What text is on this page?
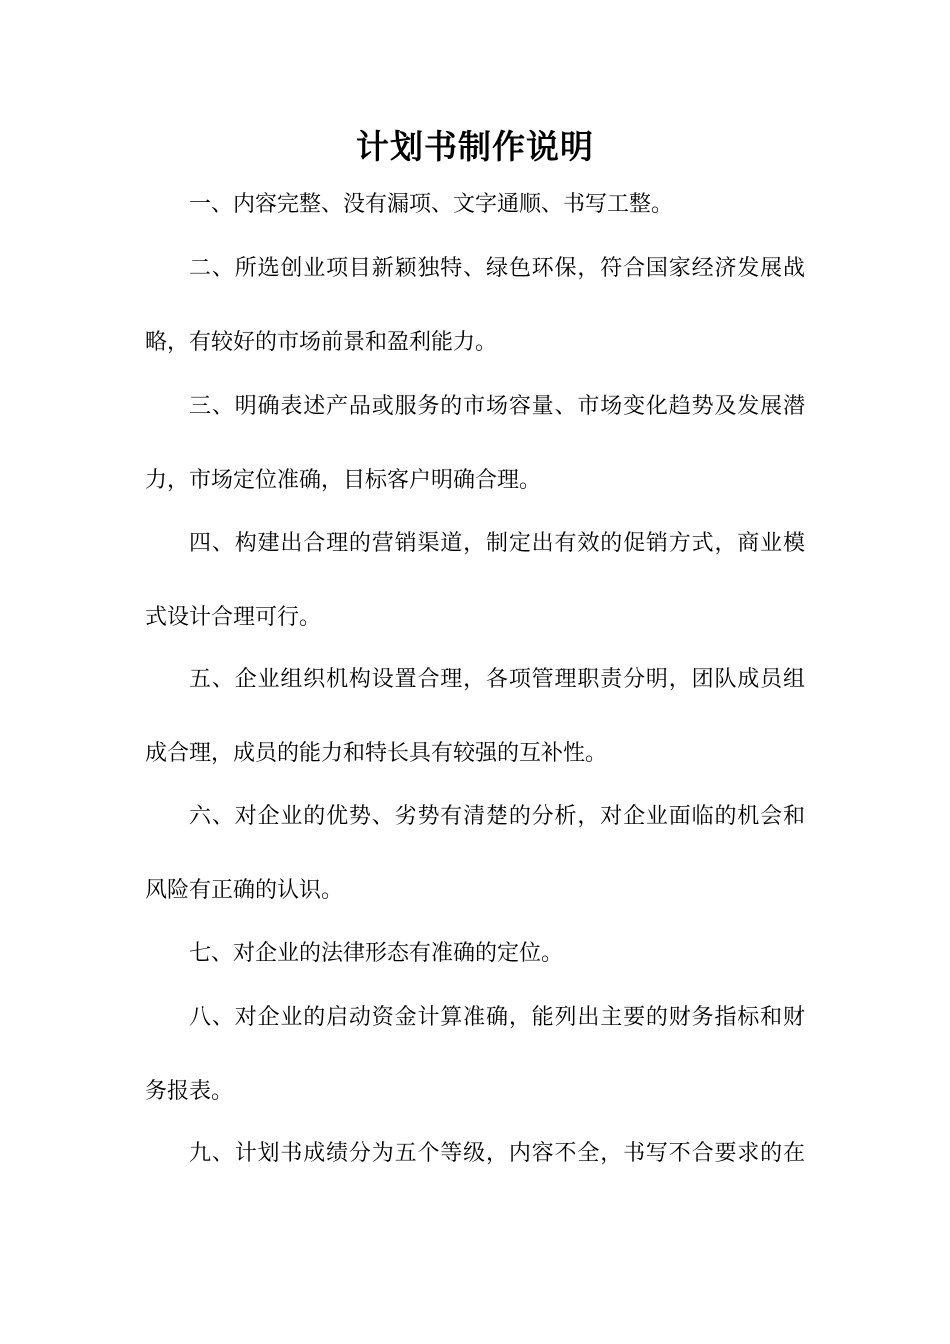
计划书制作说明

一、内容完整、没有漏项、文字通顺、书写工整。

二、所选创业项目新颖独特、绿色环保，符合国家经济发展战

略，有较好的市场前景和盈利能力。

三、明确表述产品或服务的市场容量、市场变化趋势及发展潜

力，市场定位准确，目标客户明确合理。

四、构建出合理的营销渠道，制定出有效的促销方式，商业模

式设计合理可行。

五、企业组织机构设置合理，各项管理职责分明，团队成员组

成合理，成员的能力和特长具有较强的互补性。

六、对企业的优势、劣势有清楚的分析，对企业面临的机会和

风险有正确的认识。

七、对企业的法律形态有准确的定位。

八、对企业的启动资金计算准确，能列出主要的财务指标和财

务报表。

九、计划书成绩分为五个等级，内容不全，书写不合要求的在
